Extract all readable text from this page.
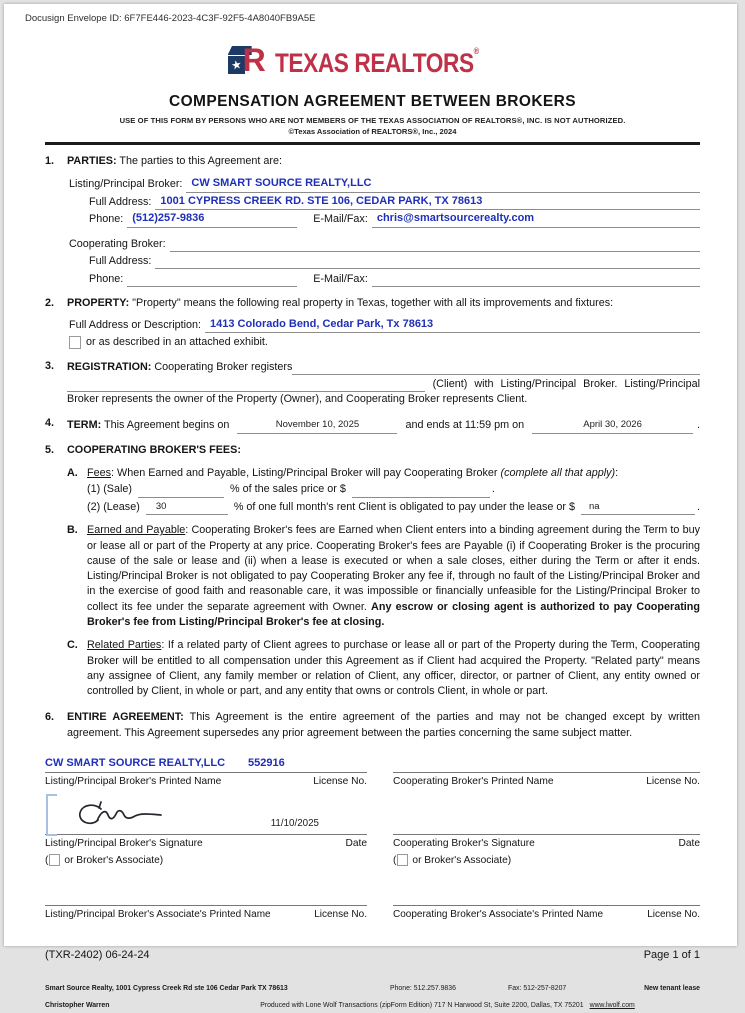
Docusign Envelope ID: 6F7FE446-2023-4C3F-92F5-4A8040FB9A5E
★ R TEXAS REALTORS®
COMPENSATION AGREEMENT BETWEEN BROKERS
USE OF THIS FORM BY PERSONS WHO ARE NOT MEMBERS OF THE TEXAS ASSOCIATION OF REALTORS®, INC. IS NOT AUTHORIZED.
©Texas Association of REALTORS®, Inc., 2024
1.	PARTIES: The parties to this Agreement are:
Listing/Principal Broker: CW SMART SOURCE REALTY,LLC
Full Address: 1001 CYPRESS CREEK RD. STE 106, CEDAR PARK, TX 78613
Phone: (512)257-9836	E-Mail/Fax: chris@smartsourcerealty.com
Cooperating Broker:
Full Address:
Phone:	E-Mail/Fax:
2.	PROPERTY: "Property" means the following real property in Texas, together with all its improvements and fixtures:
Full Address or Description: 1413 Colorado Bend, Cedar Park, Tx 78613
or as described in an attached exhibit.
3.	REGISTRATION: Cooperating Broker registers
(Client) with Listing/Principal Broker. Listing/Principal
Broker represents the owner of the Property (Owner), and Cooperating Broker represents Client.
4.	TERM: This Agreement begins on	November 10, 2025	and ends at 11:59 pm on	April 30, 2026	.
5.	COOPERATING BROKER'S FEES:
A. Fees: When Earned and Payable, Listing/Principal Broker will pay Cooperating Broker (complete all that apply):
(1) (Sale)	% of the sales price or $	.
(2) (Lease)	30	% of one full month's rent Client is obligated to pay under the lease or $	na	.
B. Earned and Payable: Cooperating Broker's fees are Earned when Client enters into a binding agreement during the Term to buy or lease all or part of the Property at any price. Cooperating Broker's fees are Payable (i) if Cooperating Broker is the procuring cause of the sale or lease and (ii) when a lease is executed or when a sale closes, either during the Term or after it ends. Listing/Principal Broker is not obligated to pay Cooperating Broker any fee if, through no fault of the Listing/Principal Broker and in the exercise of good faith and reasonable care, it was impossible or financially unfeasible for the Listing/Principal Broker to collect its fee under the separate agreement with Owner. Any escrow or closing agent is authorized to pay Cooperating Broker's fee from Listing/Principal Broker's fee at closing.
C. Related Parties: If a related party of Client agrees to purchase or lease all or part of the Property during the Term, Cooperating Broker will be entitled to all compensation under this Agreement as if Client had acquired the Property. "Related party" means any assignee of Client, any family member or relation of Client, any officer, director, or partner of Client, any entity owned or controlled by Client, in whole or part, and any entity that owns or controls Client, in whole or part.
6.	ENTIRE AGREEMENT: This Agreement is the entire agreement of the parties and may not be changed except by written agreement. This Agreement supersedes any prior agreement between the parties concerning the same subject matter.
CW SMART SOURCE REALTY,LLC	552916
Listing/Principal Broker's Printed Name	License No.
11/10/2025
Listing/Principal Broker's Signature	Date
( or Broker's Associate)
Listing/Principal Broker's Associate's Printed Name	License No.
Cooperating Broker's Printed Name	License No.
Cooperating Broker's Signature	Date
( or Broker's Associate)
Cooperating Broker's Associate's Printed Name	License No.
(TXR-2402) 06-24-24	Page 1 of 1
Smart Source Realty, 1001 Cypress Creek Rd ste 106 Cedar Park TX 78613	Phone: 512.257.9836	Fax: 512-257-8207	New tenant lease
Christopher Warren	Produced with Lone Wolf Transactions (zipForm Edition) 717 N Harwood St, Suite 2200, Dallas, TX 75201 www.lwolf.com
